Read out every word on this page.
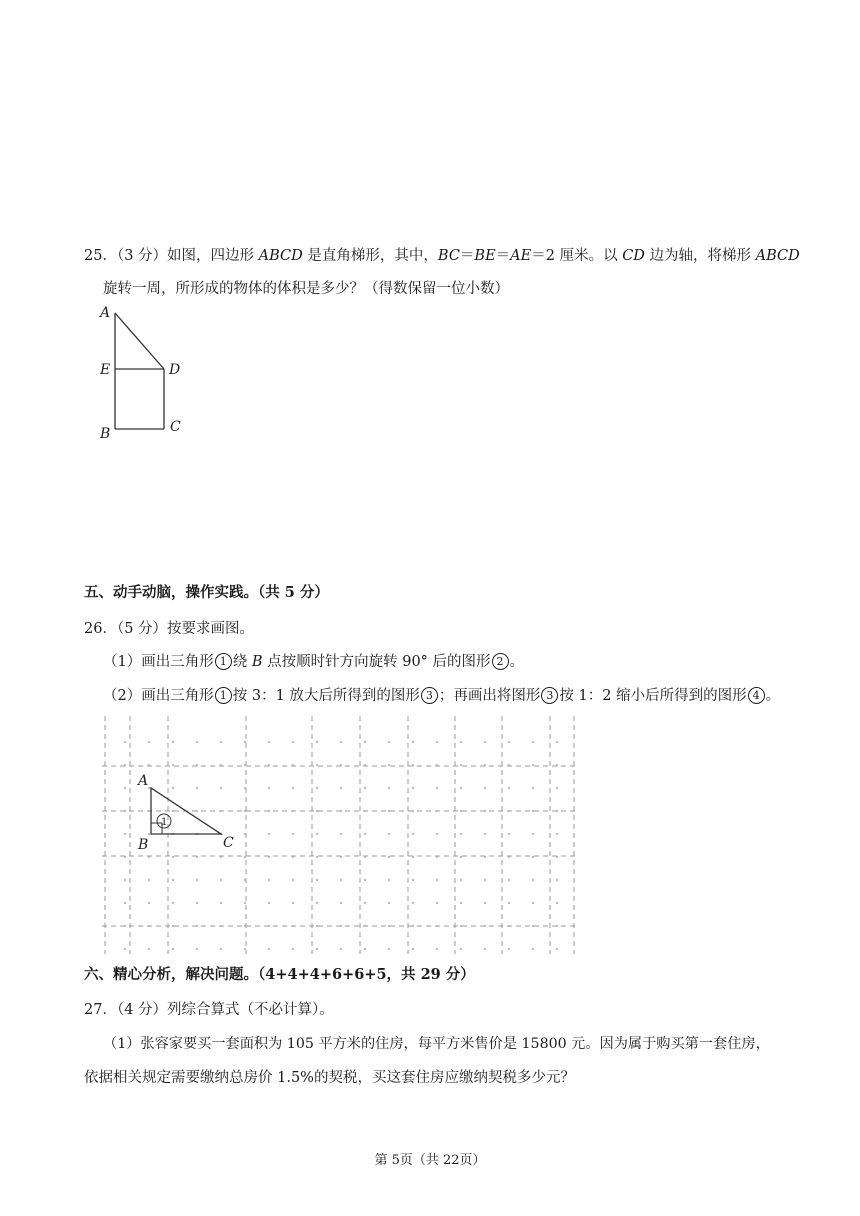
25．（3 分）如图，四边形 ABCD 是直角梯形，其中，BC＝BE＝AE＝2 厘米。以 CD 边为轴，将梯形 ABCD
旋转一周，所形成的物体的体积是多少？（得数保留一位小数）
A
E	D
B	C
五、动手动脑，操作实践。（共 5 分）
26．（5 分）按要求画图。
（1）画出三角形 1 绕 B 点按顺时针方向旋转 90° 后的图形 2 。
（2）画出三角形 1 按 3：1 放大后所得到的图形 3 ；再画出将图形 3 按 1：2 缩小后所得到的图形 4 。
A
B	C
1
六、精心分析，解决问题。（4+4+4+6+6+5，共 29 分）
27．（4 分）列综合算式（不必计算）。
（1）张容家要买一套面积为 105 平方米的住房，每平方米售价是 15800 元。因为属于购买第一套住房，
依据相关规定需要缴纳总房价 1.5%的契税，买这套住房应缴纳契税多少元？
第 5页（共 22页）
